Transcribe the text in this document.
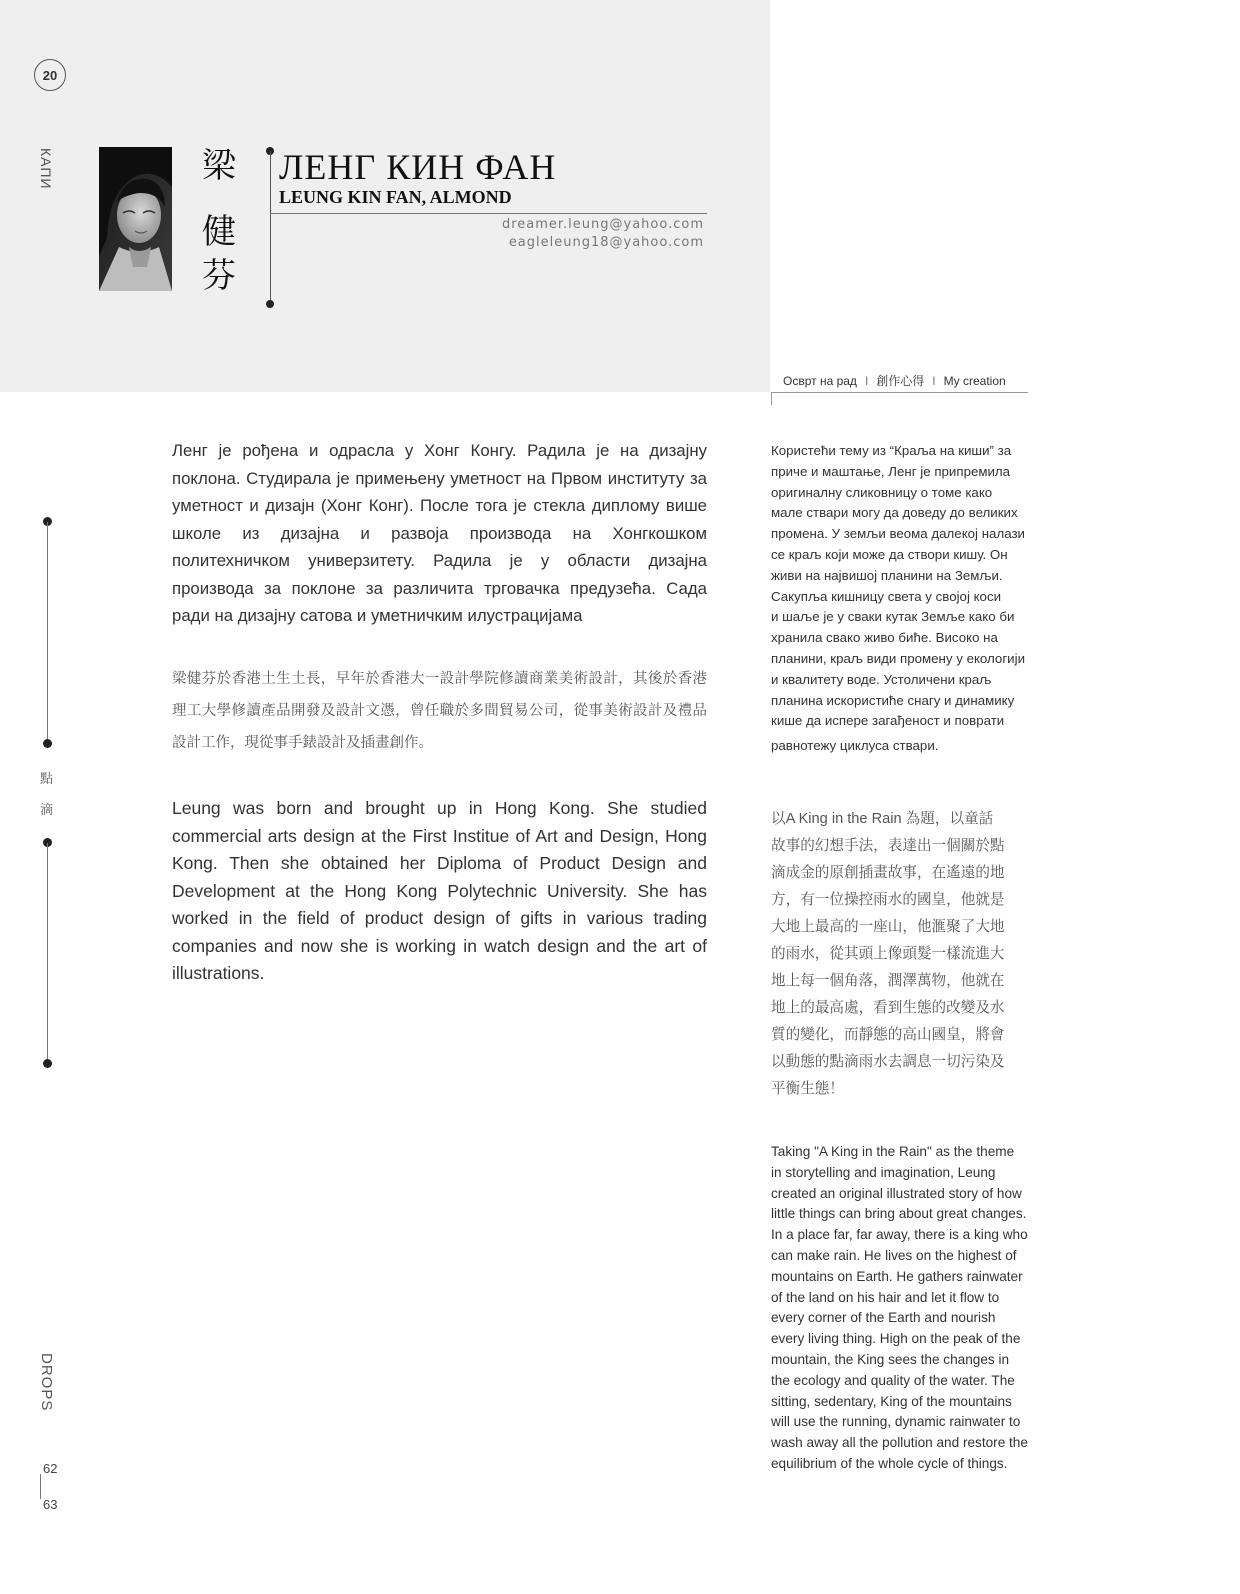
20
КАПИ
點
滴
DROPS
62
63
梁
健
芬
ЛЕНГ КИН ФАН
LEUNG KIN FAN, ALMOND
dreamer.leung@yahoo.com
eagleleung18@yahoo.com
Осврт на рад I 創作心得 I My creation
Ленг је рођена и одрасла у Хонг Конгу. Радила је на дизајну поклона. Студирала је примењену уметност на Првом институту за уметност и дизајн (Хонг Конг). После тога је стекла диплому више школе из дизајна и развоја производа на Хонгкошком политехничком универзитету. Радила је у области дизајна производа за поклоне за различита трговачка предузећа. Сада ради на дизајну сатова и уметничким илустрацијама
梁健芬於香港土生土長，早年於香港大一設計學院修讀商業美術設計，其後於香港理工大學修讀產品開發及設計文憑，曾任職於多間貿易公司，從事美術設計及禮品設計工作，現從事手錶設計及插畫創作。
Leung was born and brought up in Hong Kong. She studied commercial arts design at the First Institue of Art and Design, Hong Kong. Then she obtained her Diploma of Product Design and Development at the Hong Kong Polytechnic University. She has worked in the field of product design of gifts in various trading companies and now she is working in watch design and the art of illustrations.
Користећи тему из “Краља на киши” за
приче и маштање, Ленг је припремила
оригиналну сликовницу о томе како
мале ствари могу да доведу до великих
промена. У земљи веома далекој налази
се краљ који може да створи кишу. Он
живи на највишој планини на Земљи.
Сакупља кишницу света у својој коси
и шаље је у сваки кутак Земље како би
хранила свако живо биће. Високо на
планини, краљ види промену у екологији
и квалитету воде. Устоличени краљ
планина искористиће снагу и динамику
кише да испере загађеност и поврати
равнотежу циклуса ствари.
以A King in the Rain 為題，以童話
故事的幻想手法，表達出一個關於點
滴成金的原創插畫故事，在遙遠的地
方，有一位操控雨水的國皇，他就是
大地上最高的一座山，他滙聚了大地
的雨水，從其頭上像頭髮一樣流進大
地上每一個角落，潤澤萬物，他就在
地上的最高處，看到生態的改變及水
質的變化，而靜態的高山國皇，將會
以動態的點滴雨水去調息一切污染及
平衡生態！
Taking "A King in the Rain" as the theme
in storytelling and imagination, Leung
created an original illustrated story of how
little things can bring about great changes.
In a place far, far away, there is a king who
can make rain. He lives on the highest of
mountains on Earth. He gathers rainwater
of the land on his hair and let it flow to
every corner of the Earth and nourish
every living thing. High on the peak of the
mountain, the King sees the changes in
the ecology and quality of the water. The
sitting, sedentary, King of the mountains
will use the running, dynamic rainwater to
wash away all the pollution and restore the
equilibrium of the whole cycle of things.
